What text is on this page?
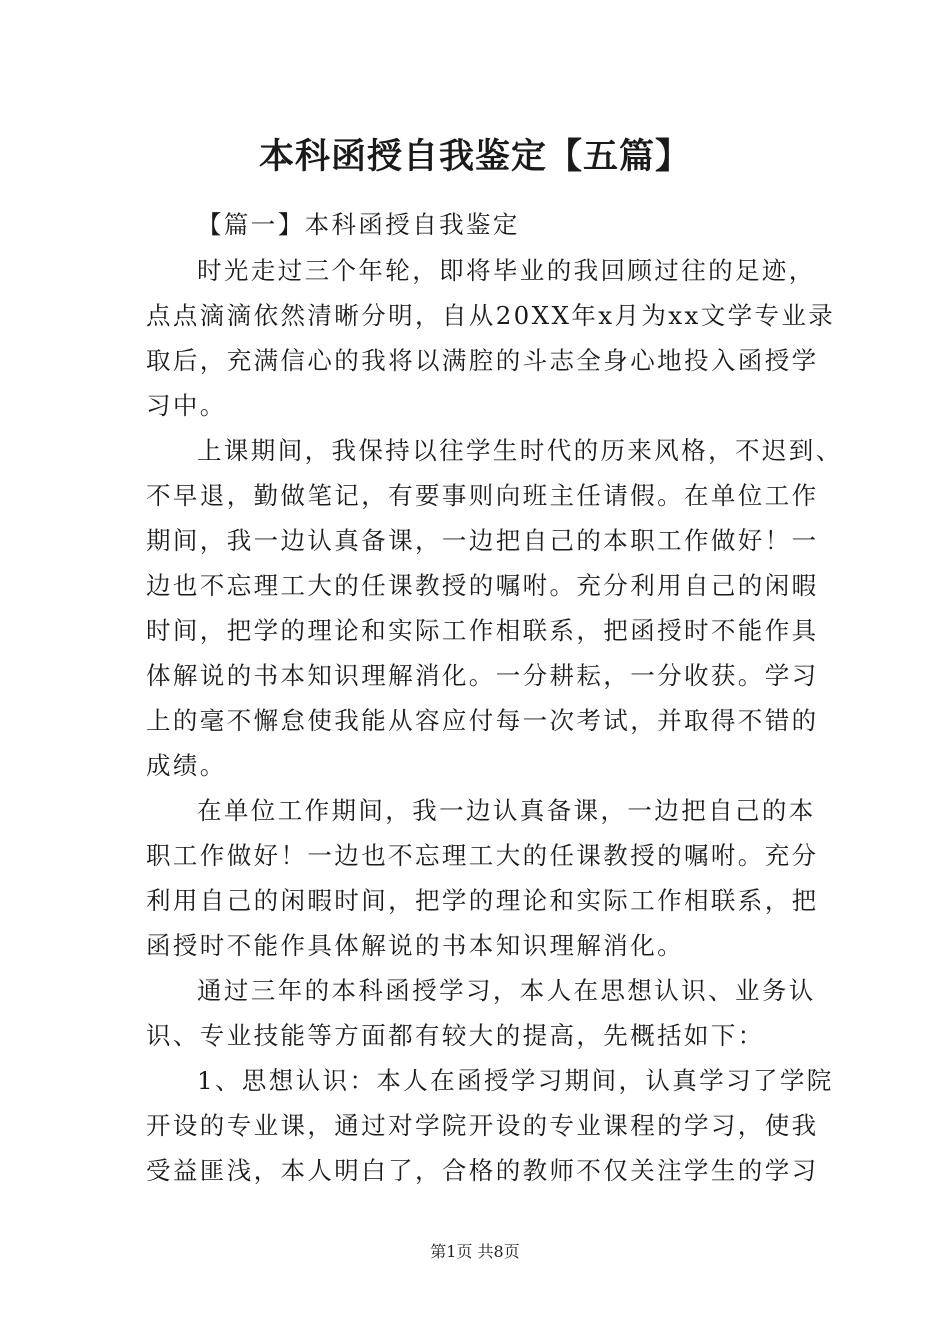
本科函授自我鉴定【五篇】
【篇一】本科函授自我鉴定
时光走过三个年轮，即将毕业的我回顾过往的足迹，
点点滴滴依然清晰分明，自从20XX年x月为xx文学专业录
取后，充满信心的我将以满腔的斗志全身心地投入函授学
习中。
上课期间，我保持以往学生时代的历来风格，不迟到、
不早退，勤做笔记，有要事则向班主任请假。在单位工作
期间，我一边认真备课，一边把自己的本职工作做好！一
边也不忘理工大的任课教授的嘱咐。充分利用自己的闲暇
时间，把学的理论和实际工作相联系，把函授时不能作具
体解说的书本知识理解消化。一分耕耘，一分收获。学习
上的毫不懈怠使我能从容应付每一次考试，并取得不错的
成绩。
在单位工作期间，我一边认真备课，一边把自己的本
职工作做好！一边也不忘理工大的任课教授的嘱咐。充分
利用自己的闲暇时间，把学的理论和实际工作相联系，把
函授时不能作具体解说的书本知识理解消化。
通过三年的本科函授学习，本人在思想认识、业务认
识、专业技能等方面都有较大的提高，先概括如下：
1、思想认识：本人在函授学习期间，认真学习了学院
开设的专业课，通过对学院开设的专业课程的学习，使我
受益匪浅，本人明白了，合格的教师不仅关注学生的学习
第1页 共8页
